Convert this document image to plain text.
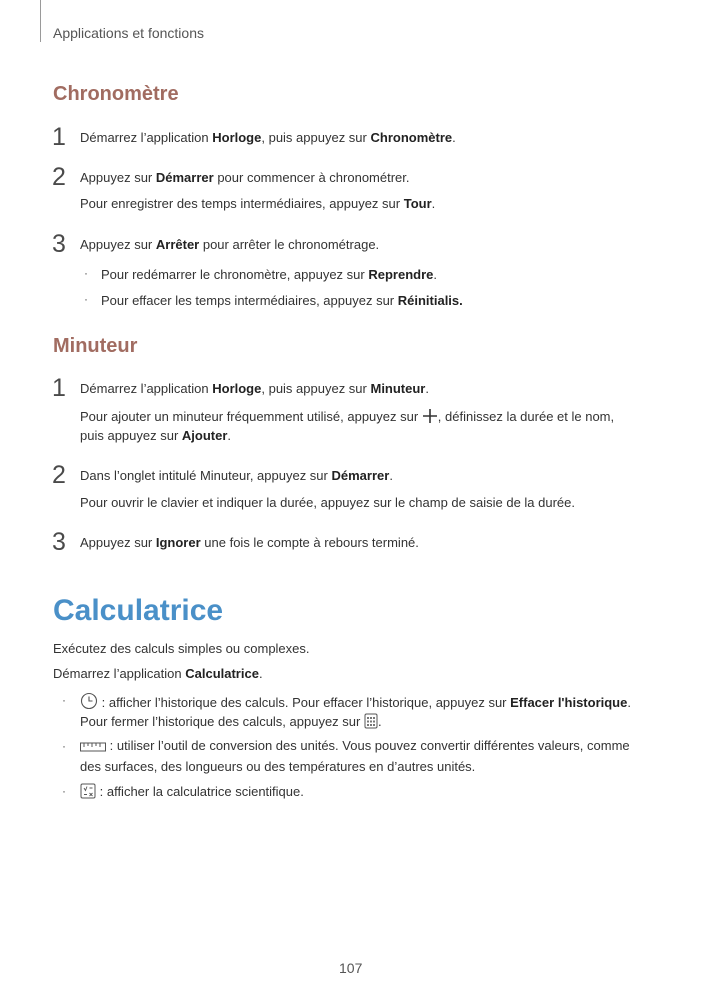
Applications et fonctions
Chronomètre
1 Démarrez l’application Horloge, puis appuyez sur Chronomètre.
2 Appuyez sur Démarrer pour commencer à chronométrer.
Pour enregistrer des temps intermédiaires, appuyez sur Tour.
3 Appuyez sur Arrêter pour arrêter le chronométrage.
· Pour redémarrer le chronomètre, appuyez sur Reprendre.
· Pour effacer les temps intermédiaires, appuyez sur Réinitialis.
Minuteur
1 Démarrez l’application Horloge, puis appuyez sur Minuteur.
Pour ajouter un minuteur fréquemment utilisé, appuyez sur , définissez la durée et le nom,
puis appuyez sur Ajouter.
2 Dans l’onglet intitulé Minuteur, appuyez sur Démarrer.
Pour ouvrir le clavier et indiquer la durée, appuyez sur le champ de saisie de la durée.
3 Appuyez sur Ignorer une fois le compte à rebours terminé.
Calculatrice
Exécutez des calculs simples ou complexes.
Démarrez l’application Calculatrice.
·	: afficher l’historique des calculs. Pour effacer l’historique, appuyez sur Effacer l'historique.
Pour fermer l’historique des calculs, appuyez sur .
·	: utiliser l’outil de conversion des unités. Vous pouvez convertir différentes valeurs, comme
des surfaces, des longueurs ou des températures en d’autres unités.
·	: afficher la calculatrice scientifique.
107
